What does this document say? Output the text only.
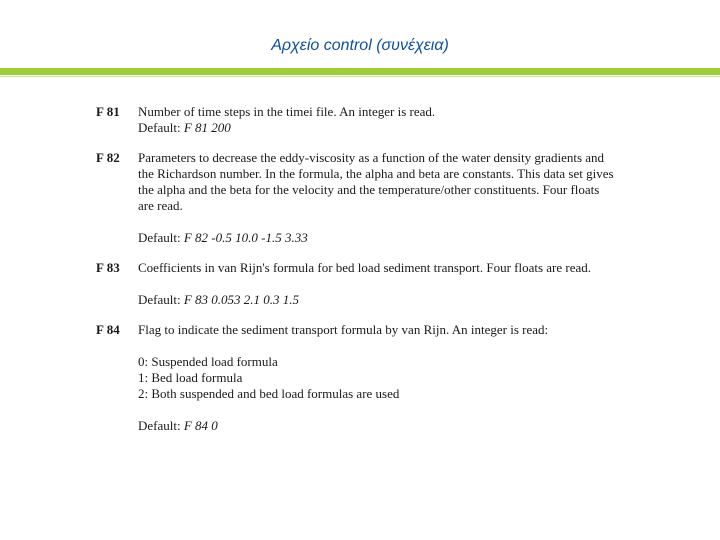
Αρχείο control (συνέχεια)
F 81	Number of time steps in the timei file. An integer is read.

Default: F 81 200

F 82	Parameters to decrease the eddy-viscosity as a function of the water density gradients and the Richardson number. In the formula, the alpha and beta are constants. This data set gives the alpha and the beta for the velocity and the temperature/other constituents. Four floats are read.

Default: F 82 -0.5 10.0 -1.5 3.33

F 83	Coefficients in van Rijn's formula for bed load sediment transport. Four floats are read.

Default: F 83 0.053 2.1 0.3 1.5

F 84	Flag to indicate the sediment transport formula by van Rijn. An integer is read:

0: Suspended load formula

1: Bed load formula

2: Both suspended and bed load formulas are used

Default: F 84 0
